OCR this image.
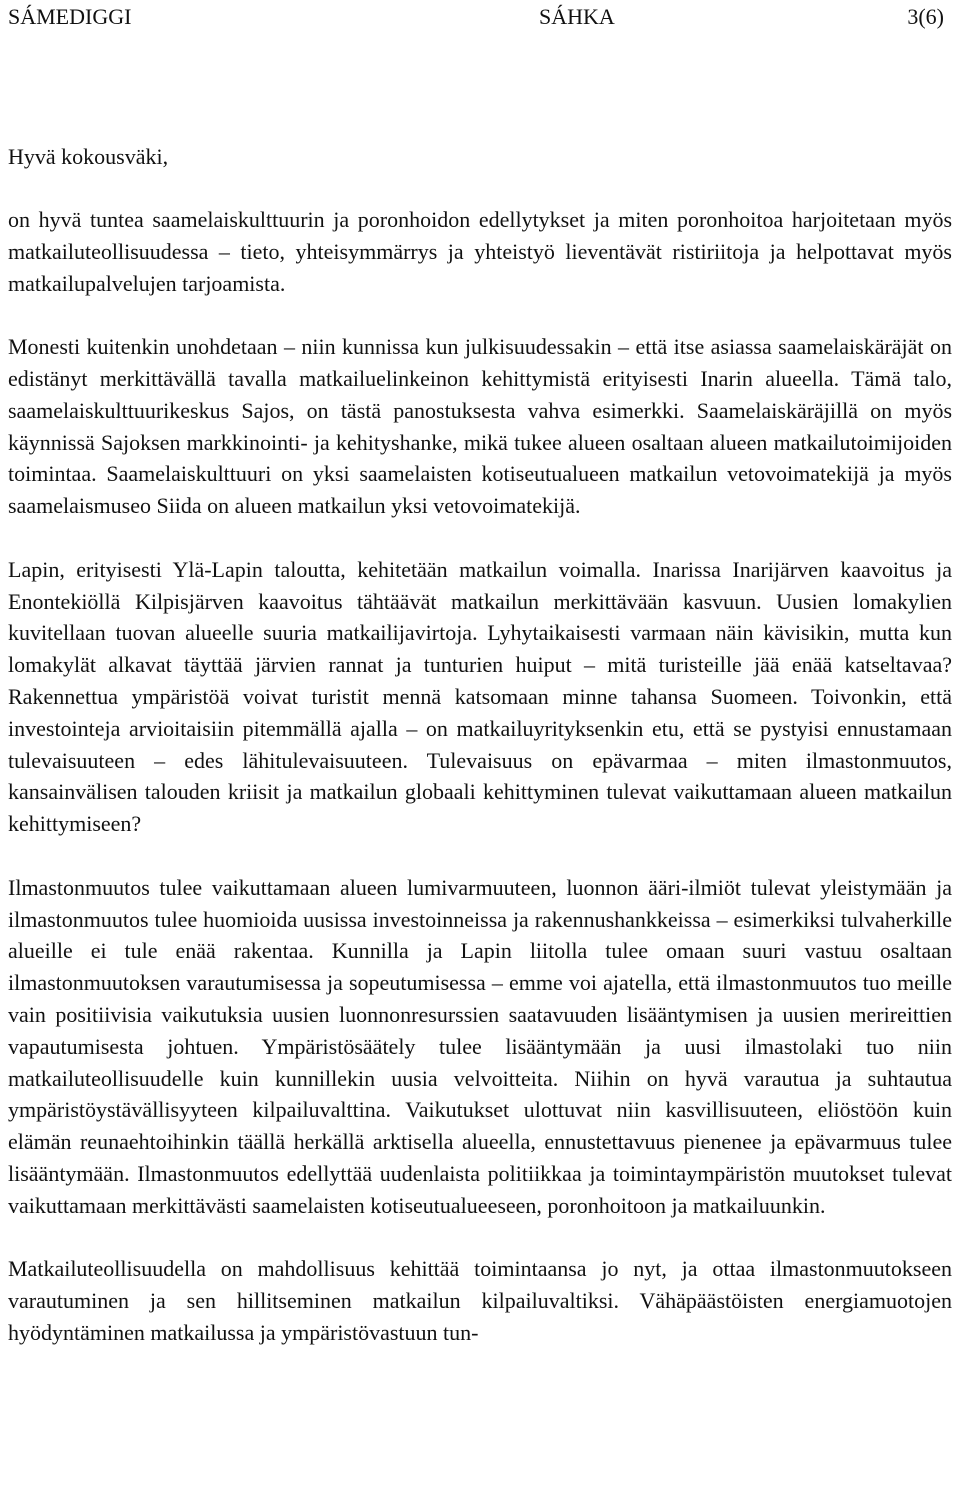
SÁMEDIGGI	SÁHKA	3(6)
Hyvä kokousväki,

on hyvä tuntea saamelaiskulttuurin ja poronhoidon edellytykset ja miten poronhoitoa harjoitetaan myös matkailuteollisuudessa – tieto, yhteisymmärrys ja yhteistyö lieventävät ristiriitoja ja helpottavat myös matkailupalvelujen tarjoamista.

Monesti kuitenkin unohdetaan – niin kunnissa kun julkisuudessakin – että itse asiassa saamelaiskäräjät on edistänyt merkittävällä tavalla matkailuelinkeinon kehittymistä erityisesti Inarin alueella. Tämä talo, saamelaiskulttuurikeskus Sajos, on tästä panostuksesta vahva esimerkki. Saamelaiskäräjillä on myös käynnissä Sajoksen markkinointi- ja kehityshanke, mikä tukee alueen osaltaan alueen matkailutoimijoiden toimintaa. Saamelaiskulttuuri on yksi saamelaisten kotiseutualueen matkailun vetovoimatekijä ja myös saamelaismuseo Siida on alueen matkailun yksi vetovoimatekijä.

Lapin, erityisesti Ylä-Lapin taloutta, kehitetään matkailun voimalla. Inarissa Inarijärven kaavoitus ja Enontekiöllä Kilpisjärven kaavoitus tähtäävät matkailun merkittävään kasvuun. Uusien lomakylien kuvitellaan tuovan alueelle suuria matkailijavirtoja. Lyhytaikaisesti varmaan näin kävisikin, mutta kun lomakylät alkavat täyttää järvien rannat ja tunturien huiput – mitä turisteille jää enää katseltavaa? Rakennettua ympäristöä voivat turistit mennä katsomaan minne tahansa Suomeen. Toivonkin, että investointeja arvioitaisiin pitemmällä ajalla – on matkailuyrityksenkin etu, että se pystyisi ennustamaan tulevaisuuteen – edes lähitulevaisuuteen. Tulevaisuus on epävarmaa – miten ilmastonmuutos, kansainvälisen talouden kriisit ja matkailun globaali kehittyminen tulevat vaikuttamaan alueen matkailun kehittymiseen?

Ilmastonmuutos tulee vaikuttamaan alueen lumivarmuuteen, luonnon ääri-ilmiöt tulevat yleistymään ja ilmastonmuutos tulee huomioida uusissa investoinneissa ja rakennushankkeissa – esimerkiksi tulvaherkille alueille ei tule enää rakentaa. Kunnilla ja Lapin liitolla tulee omaan suuri vastuu osaltaan ilmastonmuutoksen varautumisessa ja sopeutumisessa – emme voi ajatella, että ilmastonmuutos tuo meille vain positiivisia vaikutuksia uusien luonnonresurssien saatavuuden lisääntymisen ja uusien merireittien vapautumisesta johtuen. Ympäristösäätely tulee lisääntymään ja uusi ilmastolaki tuo niin matkailuteollisuudelle kuin kunnillekin uusia velvoitteita. Niihin on hyvä varautua ja suhtautua ympäristöystävällisyyteen kilpailuvalttina. Vaikutukset ulottuvat niin kasvillisuuteen, eliöstöön kuin elämän reunaehtoihinkin täällä herkällä arktisella alueella, ennustettavuus pienenee ja epävarmuus tulee lisääntymään. Ilmastonmuutos edellyttää uudenlaista politiikkaa ja toimintaympäristön muutokset tulevat vaikuttamaan merkittävästi saamelaisten kotiseutualueeseen, poronhoitoon ja matkailuunkin.

Matkailuteollisuudella on mahdollisuus kehittää toimintaansa jo nyt, ja ottaa ilmastonmuutokseen varautuminen ja sen hillitseminen matkailun kilpailuvaltiksi. Vähäpäästöisten energiamuotojen hyödyntäminen matkailussa ja ympäristövastuun tun-
